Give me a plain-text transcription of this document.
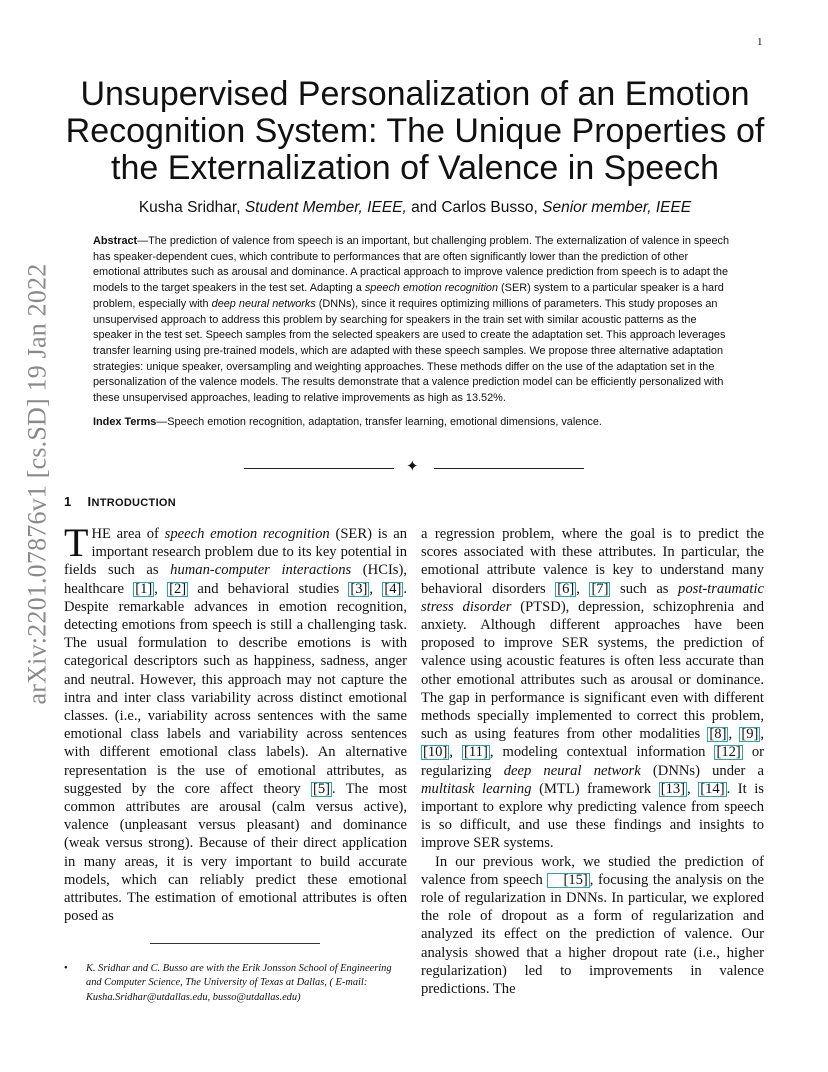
1
arXiv:2201.07876v1 [cs.SD] 19 Jan 2022
Unsupervised Personalization of an Emotion
Recognition System: The Unique Properties of
the Externalization of Valence in Speech
Kusha Sridhar, Student Member, IEEE, and Carlos Busso, Senior member, IEEE

Abstract—The prediction of valence from speech is an important, but challenging problem. The externalization of valence in speech has speaker-dependent cues, which contribute to performances that are often significantly lower than the prediction of other emotional attributes such as arousal and dominance. A practical approach to improve valence prediction from speech is to adapt the models to the target speakers in the test set. Adapting a speech emotion recognition (SER) system to a particular speaker is a hard problem, especially with deep neural networks (DNNs), since it requires optimizing millions of parameters. This study proposes an unsupervised approach to address this problem by searching for speakers in the train set with similar acoustic patterns as the speaker in the test set. Speech samples from the selected speakers are used to create the adaptation set. This approach leverages transfer learning using pre-trained models, which are adapted with these speech samples. We propose three alternative adaptation strategies: unique speaker, oversampling and weighting approaches. These methods differ on the use of the adaptation set in the personalization of the valence models. The results demonstrate that a valence prediction model can be efficiently personalized with these unsupervised approaches, leading to relative improvements as high as 13.52%.

Index Terms—Speech emotion recognition, adaptation, transfer learning, emotional dimensions, valence.

✦
1 INTRODUCTION

THE area of speech emotion recognition (SER) is an important research problem due to its key potential in fields such as human-computer interactions (HCIs), healthcare [1] , [2] and behavioral studies [3] , [4] . Despite remarkable advances in emotion recognition, detecting emotions from speech is still a challenging task. The usual formulation to describe emotions is with categorical descriptors such as happiness, sadness, anger and neutral. However, this approach may not capture the intra and inter class variability across distinct emotional classes. (i.e., variability across sentences with the same emotional class labels and variability across sentences with different emotional class labels). An alternative representation is the use of emotional attributes, as suggested by the core affect theory [5] . The most common attributes are arousal (calm versus active), valence (unpleasant versus pleasant) and dominance (weak versus strong). Because of their direct application in many areas, it is very important to build accurate models, which can reliably predict these emotional attributes. The estimation of emotional attributes is often posed as

a regression problem, where the goal is to predict the scores associated with these attributes. In particular, the emotional attribute valence is key to understand many behavioral disorders [6] , [7] such as post-traumatic stress disorder (PTSD), depression, schizophrenia and anxiety. Although different approaches have been proposed to improve SER systems, the prediction of valence using acoustic features is often less accurate than other emotional attributes such as arousal or dominance. The gap in performance is significant even with different methods specially implemented to correct this problem, such as using features from other modalities [8] , [9] , [10] , [11] , modeling contextual information [12] or regularizing deep neural network (DNNs) under a multitask learning (MTL) framework [13] , [14] . It is important to explore why predicting valence from speech is so difficult, and use these findings and insights to improve SER systems.

In our previous work, we studied the prediction of valence from speech [15] , focusing the analysis on the role of regularization in DNNs. In particular, we explored the role of dropout as a form of regularization and analyzed its effect on the prediction of valence. Our analysis showed that a higher dropout rate (i.e., higher regularization) led to improvements in valence predictions. The

• K. Sridhar and C. Busso are with the Erik Jonsson School of Engineering and Computer Science, The University of Texas at Dallas, ( E-mail: Kusha.Sridhar@utdallas.edu, busso@utdallas.edu)
